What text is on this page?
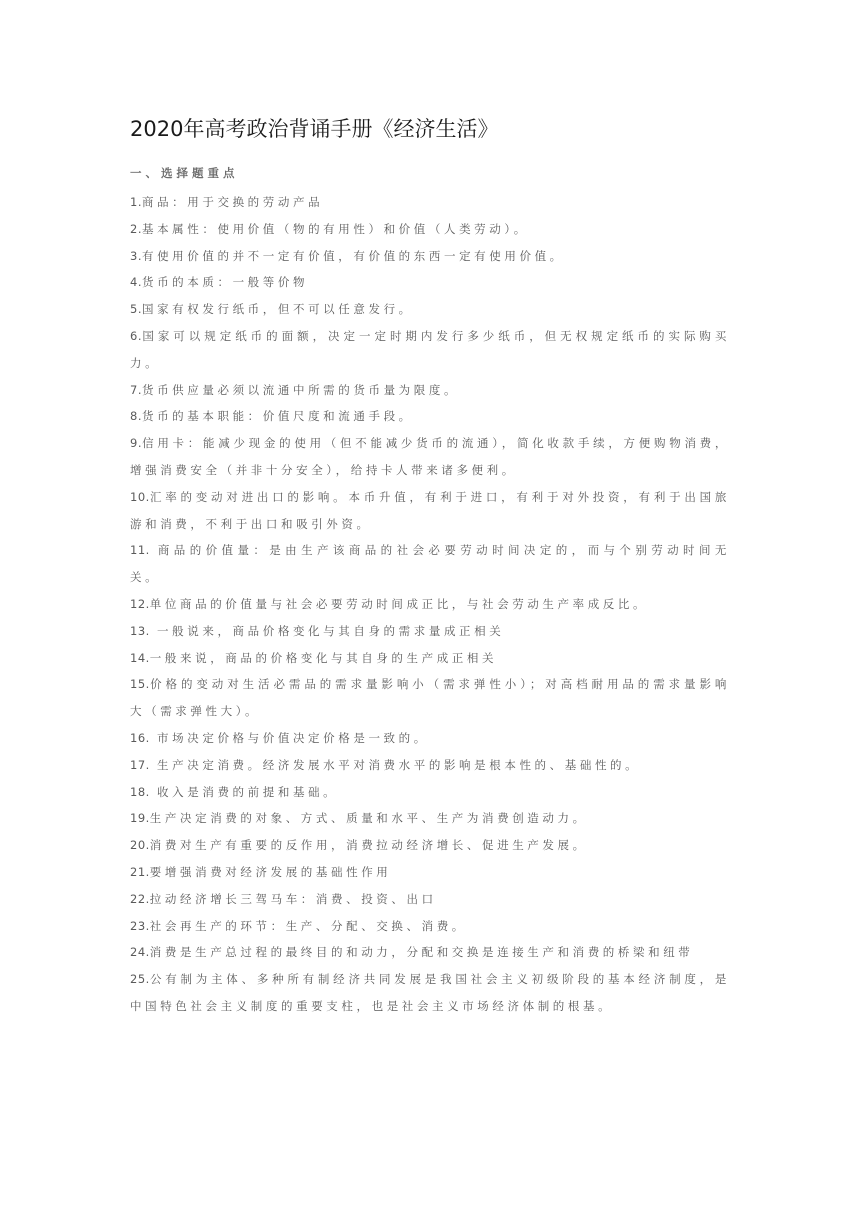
2020年高考政治背诵手册《经济生活》
一、选择题重点
1.商品：用于交换的劳动产品
2.基本属性：使用价值（物的有用性）和价值（人类劳动）。
3.有使用价值的并不一定有价值，有价值的东西一定有使用价值。
4.货币的本质：一般等价物
5.国家有权发行纸币，但不可以任意发行。
6.国家可以规定纸币的面额，决定一定时期内发行多少纸币，但无权规定纸币的实际购买力。
7.货币供应量必须以流通中所需的货币量为限度。
8.货币的基本职能：价值尺度和流通手段。
9.信用卡：能减少现金的使用（但不能减少货币的流通），简化收款手续，方便购物消费，增强消费安全（并非十分安全），给持卡人带来诸多便利。
10.汇率的变动对进出口的影响。本币升值，有利于进口，有利于对外投资，有利于出国旅游和消费，不利于出口和吸引外资。
11. 商品的价值量：是由生产该商品的社会必要劳动时间决定的，而与个别劳动时间无关。
12.单位商品的价值量与社会必要劳动时间成正比，与社会劳动生产率成反比。
13. 一般说来，商品价格变化与其自身的需求量成正相关
14.一般来说，商品的价格变化与其自身的生产成正相关
15.价格的变动对生活必需品的需求量影响小（需求弹性小）；对高档耐用品的需求量影响大（需求弹性大）。
16. 市场决定价格与价值决定价格是一致的。
17. 生产决定消费。经济发展水平对消费水平的影响是根本性的、基础性的。
18. 收入是消费的前提和基础。
19.生产决定消费的对象、方式、质量和水平、生产为消费创造动力。
20.消费对生产有重要的反作用，消费拉动经济增长、促进生产发展。
21.要增强消费对经济发展的基础性作用
22.拉动经济增长三驾马车：消费、投资、出口
23.社会再生产的环节：生产、分配、交换、消费。
24.消费是生产总过程的最终目的和动力，分配和交换是连接生产和消费的桥梁和纽带
25.公有制为主体、多种所有制经济共同发展是我国社会主义初级阶段的基本经济制度，是中国特色社会主义制度的重要支柱，也是社会主义市场经济体制的根基。
